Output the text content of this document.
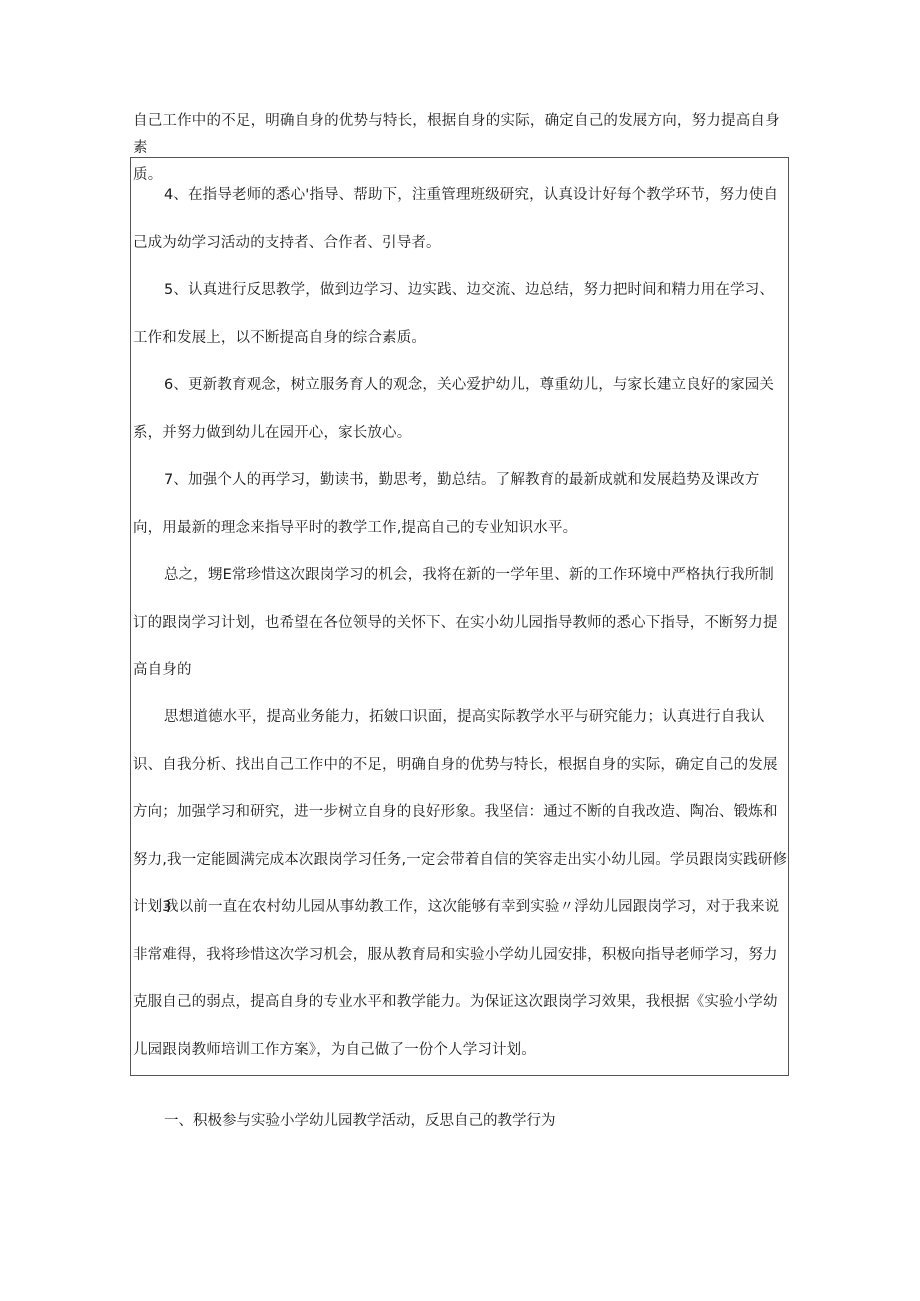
自己工作中的不足，明确自身的优势与特长，根据自身的实际，确定自己的发展方向，努力提高自身素

质。

4、在指导老师的悉心'指导、帮助下，注重管理班级研究，认真设计好每个教学环节，努力使自己成为幼学习活动的支持者、合作者、引导者。

5、认真进行反思教学，做到边学习、边实践、边交流、边总结，努力把时间和精力用在学习、工作和发展上，以不断提高自身的综合素质。

6、更新教育观念，树立服务育人的观念，关心爱护幼儿，尊重幼儿，与家长建立良好的家园关系，并努力做到幼儿在园开心，家长放心。

7、加强个人的再学习，勤读书，勤思考，勤总结。了解教育的最新成就和发展趋势及课改方向，用最新的理念来指导平时的教学工作,提高自己的专业知识水平。

总之，甥E常珍惜这次跟岗学习的机会，我将在新的一学年里、新的工作环境中严格执行我所制订的跟岗学习计划，也希望在各位领导的关怀下、在实小幼儿园指导教师的悉心下指导，不断努力提高自身的

思想道德水平，提高业务能力，拓皴口识面，提高实际教学水平与研究能力；认真进行自我认识、自我分析、找出自己工作中的不足，明确自身的优势与特长，根据自身的实际，确定自己的发展方向；加强学习和研究，进一步树立自身的良好形象。我坚信：通过不断的自我改造、陶冶、锻炼和努力,我一定能圆满完成本次跟岗学习任务,一定会带着自信的笑容走出实小幼儿园。学员跟岗实践研修计划3

我以前一直在农村幼儿园从事幼教工作，这次能够有幸到实验〃浮幼儿园跟岗学习，对于我来说非常难得，我将珍惜这次学习机会，服从教育局和实验小学幼儿园安排，积极向指导老师学习，努力克服自己的弱点，提高自身的专业水平和教学能力。为保证这次跟岗学习效果，我根据《实验小学幼儿园跟岗教师培训工作方案》，为自己做了一份个人学习计划。

一、积极参与实验小学幼儿园教学活动，反思自己的教学行为
